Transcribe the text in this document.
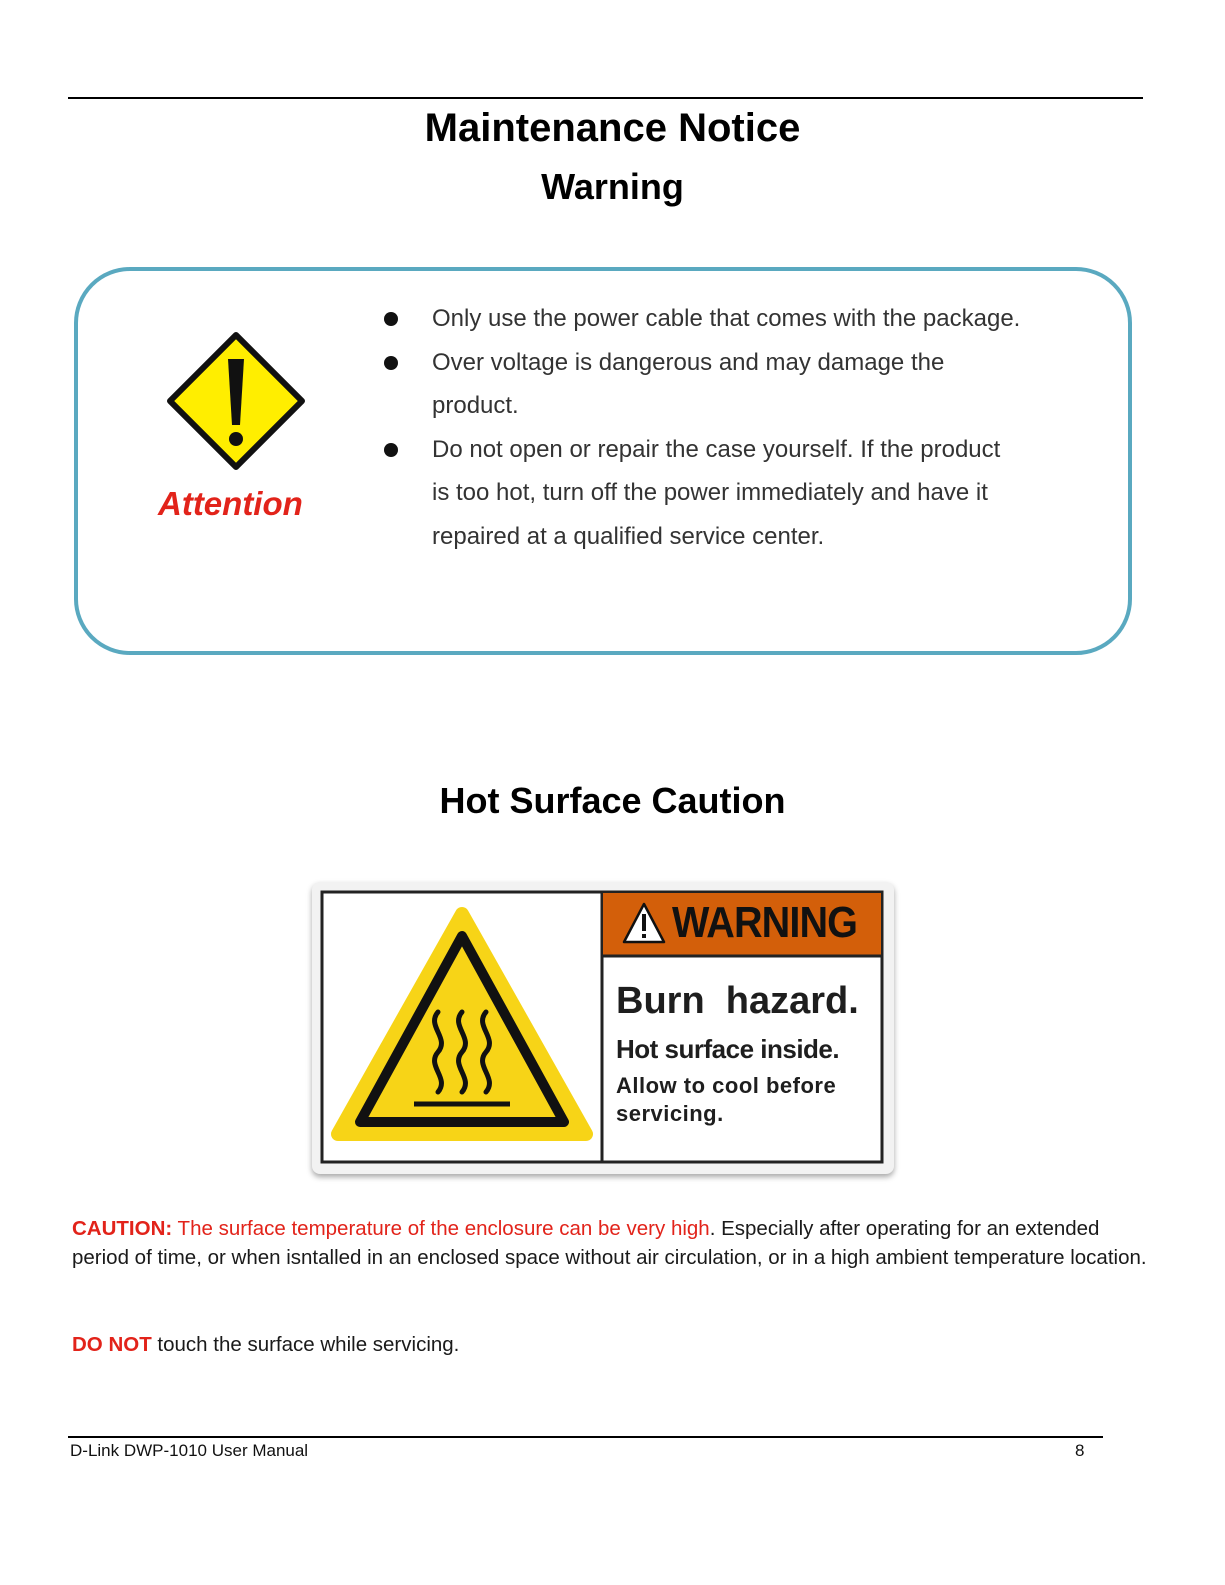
Maintenance Notice
Warning
Attention
Only use the power cable that comes with the package.
Over voltage is dangerous and may damage the product.
Do not open or repair the case yourself. If the product is too hot, turn off the power immediately and have it repaired at a qualified service center.
Hot Surface Caution
WARNING
Burn  hazard.
Hot surface inside.
Allow to cool before
servicing.

CAUTION: The surface temperature of the enclosure can be very high. Especially after operating for an extended period of time, or when isntalled in an enclosed space without air circulation, or in a high ambient temperature location.

DO NOT touch the surface while servicing.

D-Link DWP-1010 User Manual	8
